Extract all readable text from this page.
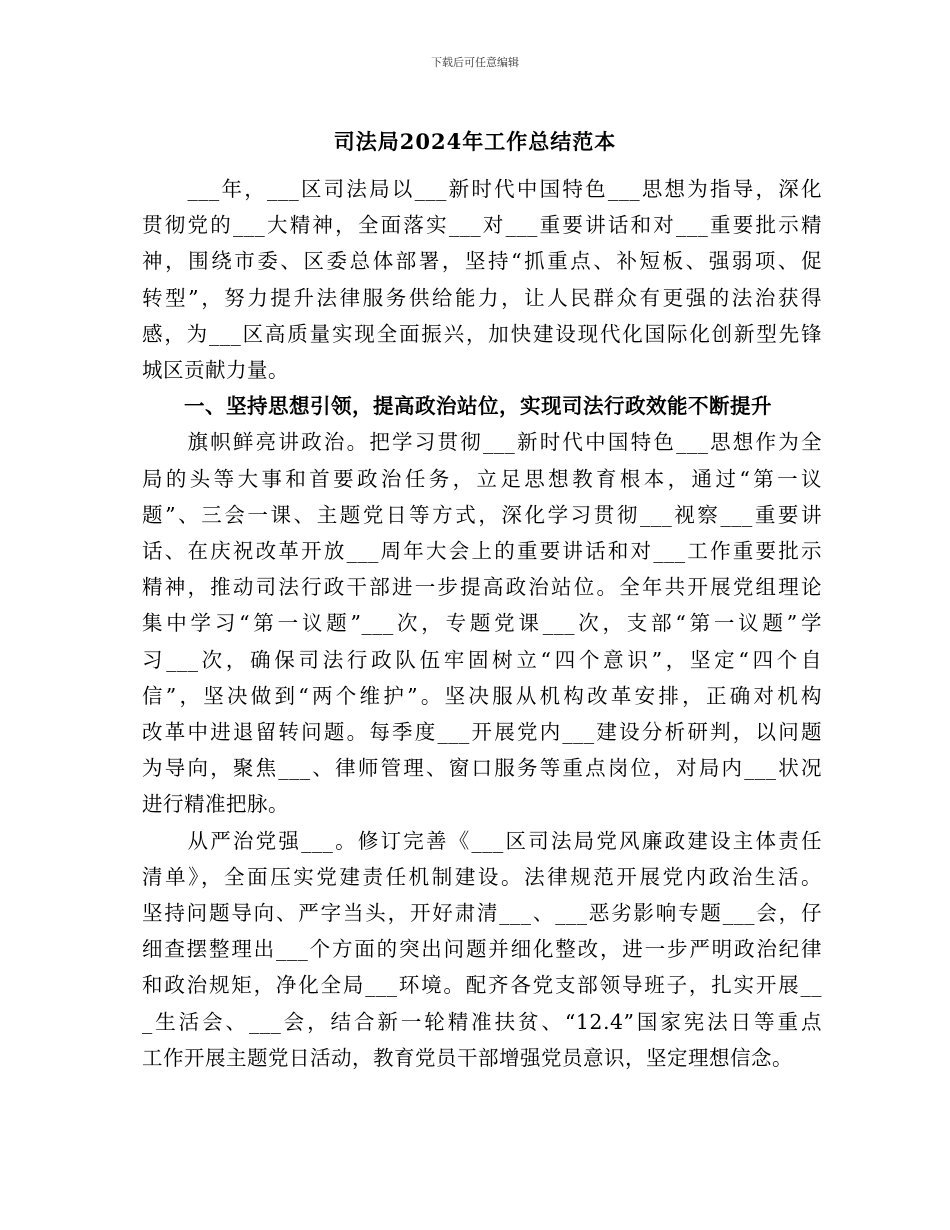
下载后可任意编辑
司法局2024年工作总结范本
　　___年，___区司法局以___新时代中国特色___思想为指导，深化
贯彻党的___大精神，全面落实___对___重要讲话和对___重要批示精
神，围绕市委、区委总体部署，坚持“抓重点、补短板、强弱项、促
转型”，努力提升法律服务供给能力，让人民群众有更强的法治获得
感，为___区高质量实现全面振兴，加快建设现代化国际化创新型先锋
城区贡献力量。
　　一、坚持思想引领，提高政治站位，实现司法行政效能不断提升
　　旗帜鲜亮讲政治。把学习贯彻___新时代中国特色___思想作为全
局的头等大事和首要政治任务，立足思想教育根本，通过“第一议
题”、三会一课、主题党日等方式，深化学习贯彻___视察___重要讲
话、在庆祝改革开放___周年大会上的重要讲话和对___工作重要批示
精神，推动司法行政干部进一步提高政治站位。全年共开展党组理论
集中学习“第一议题”___次，专题党课___次，支部“第一议题”学
习___次，确保司法行政队伍牢固树立“四个意识”，坚定“四个自
信”，坚决做到“两个维护”。坚决服从机构改革安排，正确对机构
改革中进退留转问题。每季度___开展党内___建设分析研判，以问题
为导向，聚焦___、律师管理、窗口服务等重点岗位，对局内___状况
进行精准把脉。
　　从严治党强___。修订完善《___区司法局党风廉政建设主体责任
清单》，全面压实党建责任机制建设。法律规范开展党内政治生活。
坚持问题导向、严字当头，开好肃清___、___恶劣影响专题___会，仔
细查摆整理出___个方面的突出问题并细化整改，进一步严明政治纪律
和政治规矩，净化全局___环境。配齐各党支部领导班子，扎实开展__
_生活会、___会，结合新一轮精准扶贫、“12.4”国家宪法日等重点
工作开展主题党日活动，教育党员干部增强党员意识，坚定理想信念。
